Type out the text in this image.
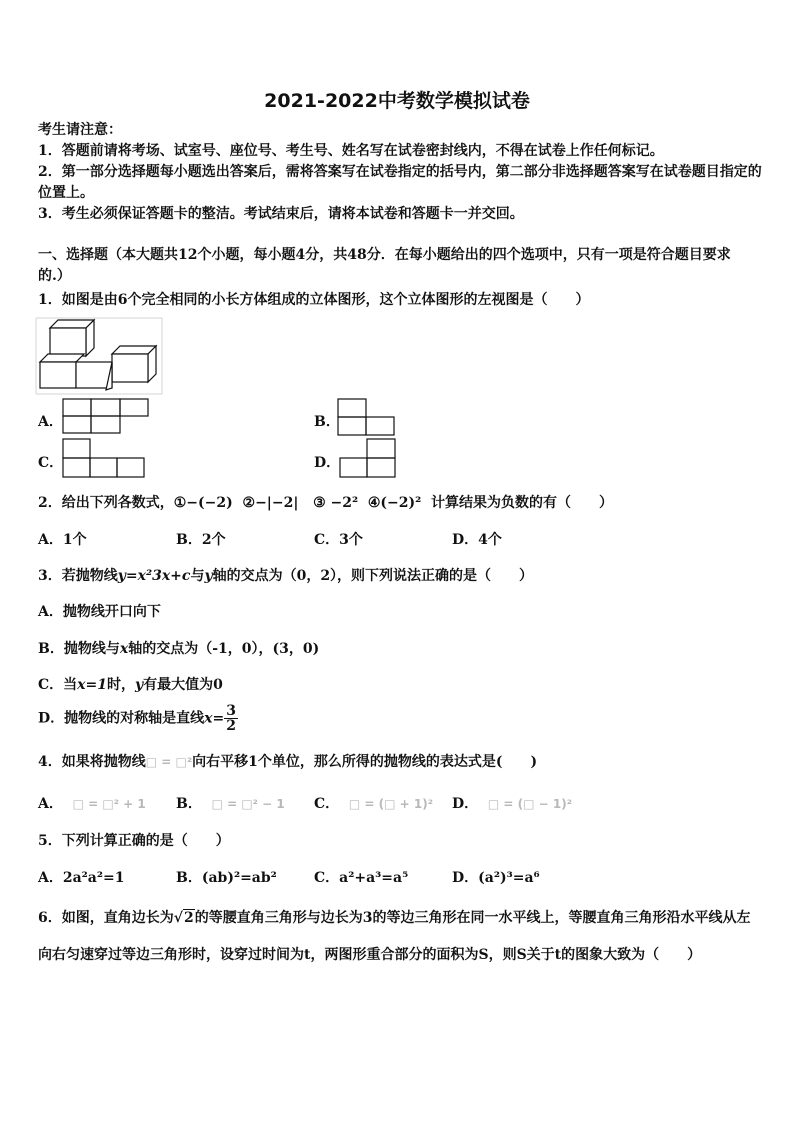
2021-2022中考数学模拟试卷
考生请注意：
1．答题前请将考场、试室号、座位号、考生号、姓名写在试卷密封线内，不得在试卷上作任何标记。
2．第一部分选择题每小题选出答案后，需将答案写在试卷指定的括号内，第二部分非选择题答案写在试卷题目指定的
位置上。
3．考生必须保证答题卡的整洁。考试结束后，请将本试卷和答题卡一并交回。
一、选择题（本大题共12个小题，每小题4分，共48分．在每小题给出的四个选项中，只有一项是符合题目要求
的.）
1．如图是由6个完全相同的小长方体组成的立体图形，这个立体图形的左视图是（　　）
A．	B．
C．	D．
2．给出下列各数式，①−(−2) ②−|−2| ③ −2² ④(−2)² 计算结果为负数的有（　　）
A．1个	B．2个	C．3个	D．4个
3．若抛物线y=x²3x+c与y轴的交点为（0，2），则下列说法正确的是（　　）
A．抛物线开口向下
B．抛物线与x轴的交点为（-1，0），(3，0)
C．当x=1时，y有最大值为0
D．抛物线的对称轴是直线$x= \frac{3}{2}$
4．如果将抛物线□ = □²向右平移1个单位，那么所得的抛物线的表达式是(　　)
A． □ = □² + 1 B． □ = □² − 1 C． □ = (□ + 1)² D． □ = (□ − 1)²
5．下列计算正确的是（　　）
A．2a²a²=1	B．(ab)²=ab²	C．a²+a³=a⁵	D．(a²)³=a⁶
6．如图，直角边长为√2的等腰直角三角形与边长为3的等边三角形在同一水平线上，等腰直角三角形沿水平线从左
向右匀速穿过等边三角形时，设穿过时间为t，两图形重合部分的面积为S，则S关于t的图象大致为（　　）
